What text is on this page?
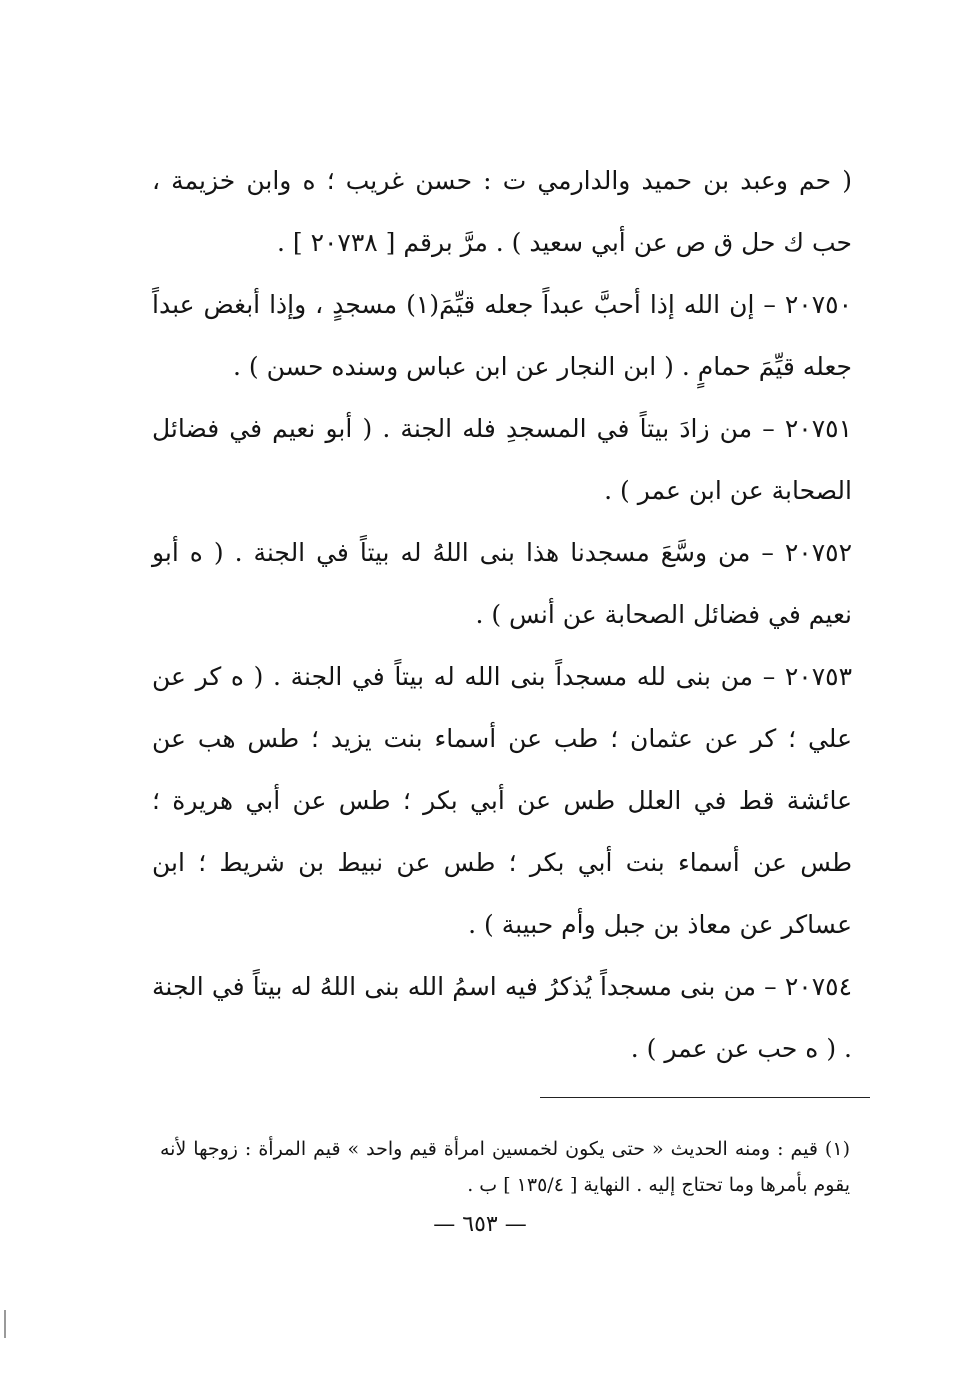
( حم وعبد بن حميد والدارمي ت : حسن غريب ؛ ه وابن خزيمة ، حب ك حل ق ص عن أبي سعيد ) . مرَّ برقم [ ٢٠٧٣٨ ] .

٢٠٧٥٠ – إن الله إذا أحبَّ عبداً جعله قيِّمَ(١) مسجدٍ ، وإذا أبغض عبداً جعله قيِّمَ حمامٍ . ( ابن النجار عن ابن عباس وسنده حسن ) .

٢٠٧٥١ – من زادَ بيتاً في المسجدِ فله الجنة . ( أبو نعيم في فضائل الصحابة عن ابن عمر ) .

٢٠٧٥٢ – من وسَّعَ مسجدنا هذا بنى اللهُ له بيتاً في الجنة . ( ه أبو نعيم في فضائل الصحابة عن أنس ) .

٢٠٧٥٣ – من بنى لله مسجداً بنى الله له بيتاً في الجنة . ( ه كر عن علي ؛ كر عن عثمان ؛ طب عن أسماء بنت يزيد ؛ طس هب عن عائشة قط في العلل طس عن أبي بكر ؛ طس عن أبي هريرة ؛ طس عن أسماء بنت أبي بكر ؛ طس عن نبيط بن شريط ؛ ابن عساكر عن معاذ بن جبل وأم حبيبة ) .

٢٠٧٥٤ – من بنى مسجداً يُذكرُ فيه اسمُ الله بنى اللهُ له بيتاً في الجنة . ( ه حب عن عمر ) .

(١) قيم : ومنه الحديث « حتى يكون لخمسين امرأة قيم واحد » قيم المرأة : زوجها لأنه يقوم بأمرها وما تحتاج إليه . النهاية [ ١٣٥/٤ ] ب .

— ٦٥٣ —
